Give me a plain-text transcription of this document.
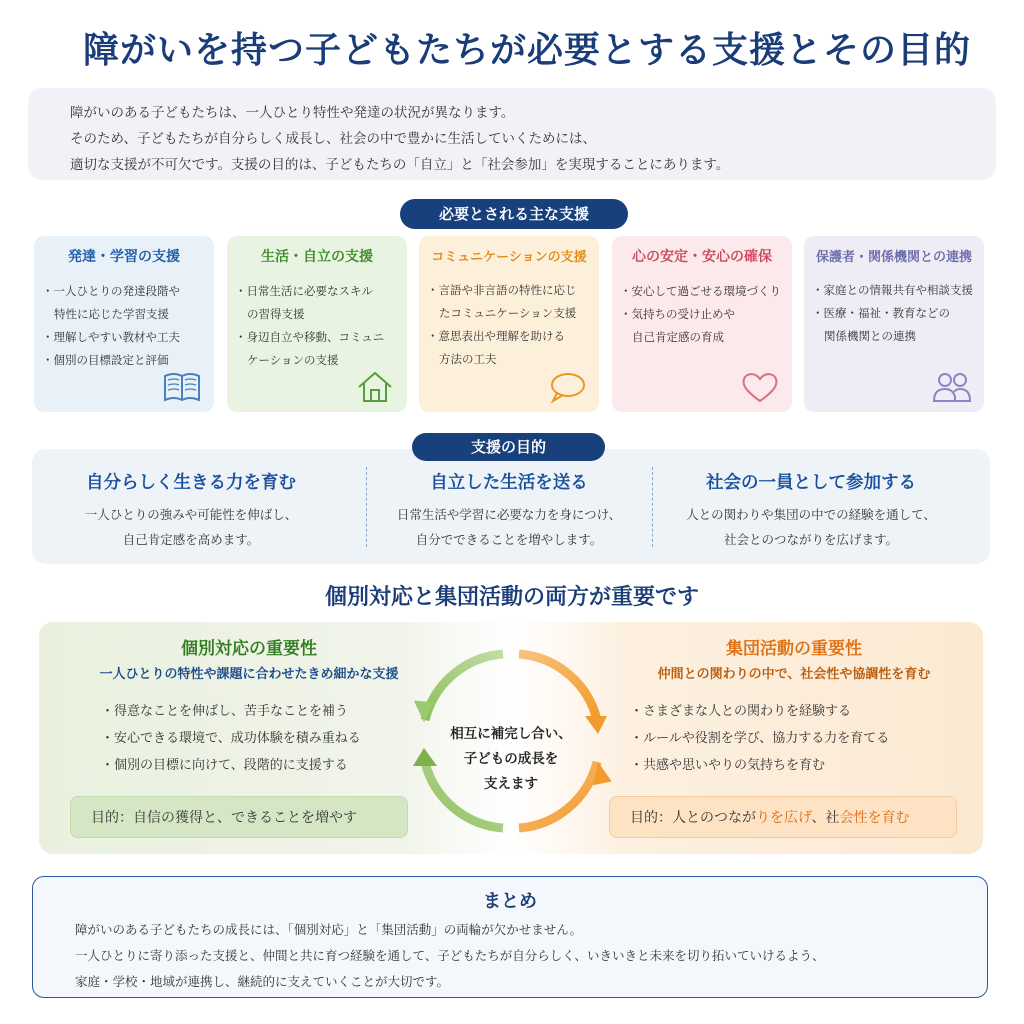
障がいを持つ子どもたちが必要とする支援とその目的

障がいのある子どもたちは、一人ひとり特性や発達の状況が異なります。

そのため、子どもたちが自分らしく成長し、社会の中で豊かに生活していくためには、

適切な支援が不可欠です。支援の目的は、子どもたちの「自立」と「社会参加」を実現することにあります。

必要とされる主な支援
発達・学習の支援
・一人ひとりの発達段階や
特性に応じた学習支援
・理解しやすい教材や工夫
・個別の目標設定と評価
生活・自立の支援
・日常生活に必要なスキル
の習得支援
・身辺自立や移動、コミュニ
ケーションの支援
コミュニケーションの支援
・言語や非言語の特性に応じ
たコミュニケーション支援
・意思表出や理解を助ける
方法の工夫
心の安定・安心の確保
・安心して過ごせる環境づくり
・気持ちの受け止めや
自己肯定感の育成
保護者・関係機関との連携
・家庭との情報共有や相談支援
・医療・福祉・教育などの
関係機関との連携
自分らしく生きる力を育む
一人ひとりの強みや可能性を伸ばし、
自己肯定感を高めます。
自立した生活を送る
日常生活や学習に必要な力を身につけ、
自分でできることを増やします。
社会の一員として参加する
人との関わりや集団の中での経験を通して、
社会とのつながりを広げます。
支援の目的
個別対応と集団活動の両方が重要です
個別対応の重要性
一人ひとりの特性や課題に合わせたきめ細かな支援
・得意なことを伸ばし、苦手なことを補う
・安心できる環境で、成功体験を積み重ねる
・個別の目標に向けて、段階的に支援する
目的：自信の獲得と、できることを増やす
相互に補完し合い、
子どもの成長を
支えます
集団活動の重要性
仲間との関わりの中で、社会性や協調性を育む
・さまざまな人との関わりを経験する
・ルールや役割を学び、協力する力を育てる
・共感や思いやりの気持ちを育む
目的：人とのつながりを広げ、社会性を育む
まとめ

障がいのある子どもたちの成長には、「個別対応」と「集団活動」の両輪が欠かせません。

一人ひとりに寄り添った支援と、仲間と共に育つ経験を通して、子どもたちが自分らしく、いきいきと未来を切り拓いていけるよう、

家庭・学校・地域が連携し、継続的に支えていくことが大切です。
